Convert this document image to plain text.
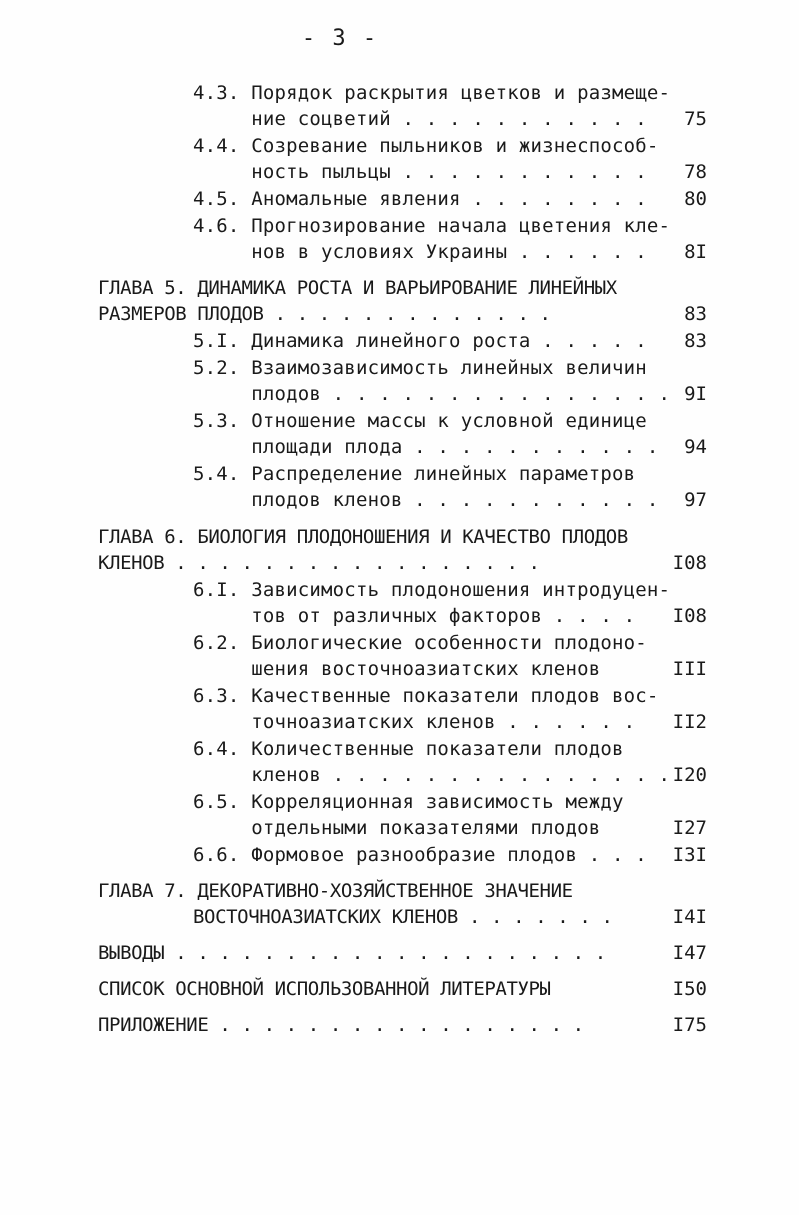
- 3 -
4.3. Порядок раскрытия цветков и размеще-
ние соцветий . . . . . . . . . . . 75
4.4. Созревание пыльников и жизнеспособ-
ность пыльцы . . . . . . . . . . . 78
4.5. Аномальные явления . . . . . . . . 80
4.6. Прогнозирование начала цветения кле-
нов в условиях Украины . . . . . . 8I
ГЛАВА 5. ДИНАМИКА РОСТА И ВАРЬИРОВАНИЕ ЛИНЕЙНЫХ
РАЗМЕРОВ ПЛОДОВ . . . . . . . . . . . . .	83
5.I. Динамика линейного роста . . . . . 83
5.2. Взаимозависимость линейных величин
плодов . . . . . . . . . . . . . . . 9I
5.3. Отношение массы к условной единице
площади плода . . . . . . . . . . . 94
5.4. Распределение линейных параметров
плодов кленов . . . . . . . . . . . 97
ГЛАВА 6. БИОЛОГИЯ ПЛОДОНОШЕНИЯ И КАЧЕСТВО ПЛОДОВ
КЛЕНОВ . . . . . . . . . . . . . . . . .	I08
6.I. Зависимость плодоношения интродуцен-
тов от различных факторов . . . . I08
6.2. Биологические особенности плодоно-
шения восточноазиатских кленов	III
6.3. Качественные показатели плодов вос-
точноазиатских кленов . . . . . . II2
6.4. Количественные показатели плодов
кленов . . . . . . . . . . . . . . . I20
6.5. Корреляционная зависимость между
отдельными показателями плодов	I27
6.6. Формовое разнообразие плодов . . . I3I
ГЛАВА 7. ДЕКОРАТИВНО-ХОЗЯЙСТВЕННОЕ ЗНАЧЕНИЕ
ВОСТОЧНОАЗИАТСКИХ КЛЕНОВ . . . . . . .	I4I
ВЫВОДЫ . . . . . . . . . . . . . . . . . . . .	I47
СПИСОК ОСНОВНОЙ ИСПОЛЬЗОВАННОЙ ЛИТЕРАТУРЫ	I50
ПРИЛОЖЕНИЕ . . . . . . . . . . . . . . . . .	I75
